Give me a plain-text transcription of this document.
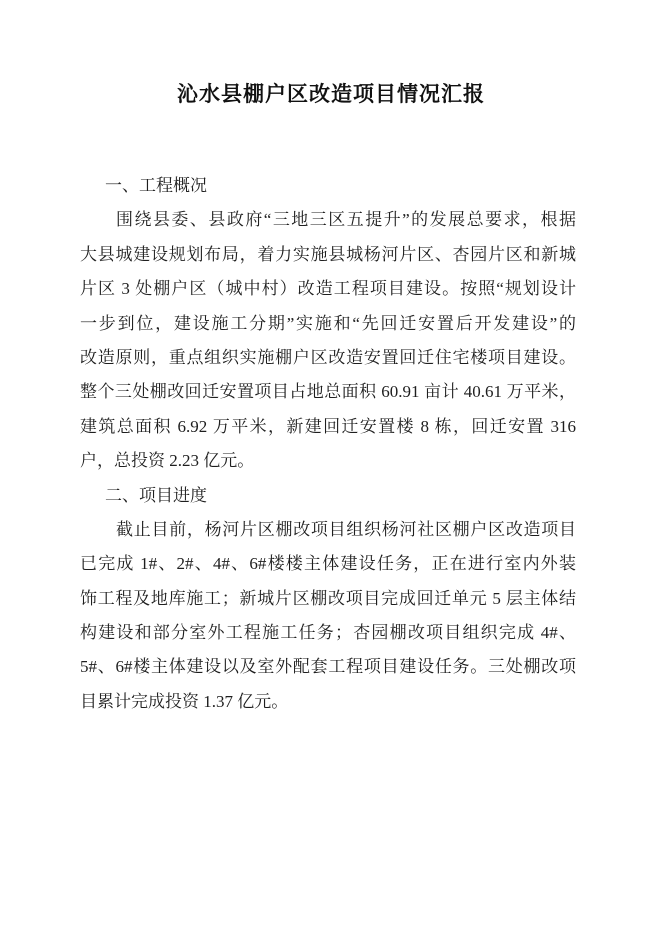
沁水县棚户区改造项目情况汇报
一、工程概况
围绕县委、县政府“三地三区五提升”的发展总要求，根据
大县城建设规划布局，着力实施县城杨河片区、杏园片区和新城
片区 3 处棚户区（城中村）改造工程项目建设。按照“规划设计
一步到位，建设施工分期”实施和“先回迁安置后开发建设”的
改造原则，重点组织实施棚户区改造安置回迁住宅楼项目建设。
整个三处棚改回迁安置项目占地总面积 60.91 亩计 40.61 万平米，
建筑总面积 6.92 万平米，新建回迁安置楼 8 栋，回迁安置 316
户，总投资 2.23 亿元。
二、项目进度
截止目前，杨河片区棚改项目组织杨河社区棚户区改造项目
已完成 1#、2#、4#、6#楼楼主体建设任务，正在进行室内外装
饰工程及地库施工；新城片区棚改项目完成回迁单元 5 层主体结
构建设和部分室外工程施工任务；杏园棚改项目组织完成 4#、
5#、6#楼主体建设以及室外配套工程项目建设任务。三处棚改项
目累计完成投资 1.37 亿元。
